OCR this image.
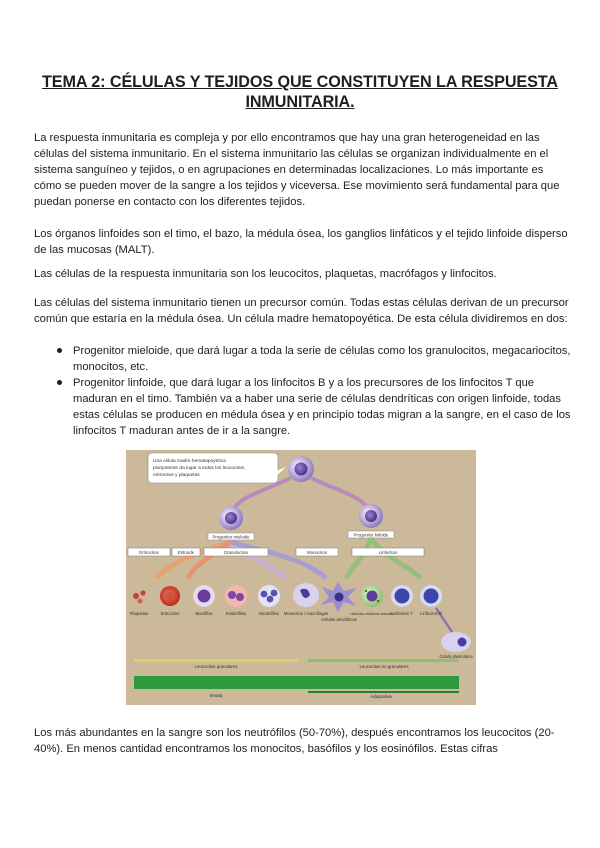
TEMA 2: CÉLULAS Y TEJIDOS QUE CONSTITUYEN LA RESPUESTA INMUNITARIA.

La respuesta inmunitaria es compleja y por ello encontramos que hay una gran heterogeneidad en las células del sistema inmunitario. En el sistema inmunitario las células se organizan individualmente en el sistema sanguíneo y tejidos, o en agrupaciones en determinadas localizaciones. Lo más importante es cómo se pueden mover de la sangre a los tejidos y viceversa. Ese movimiento será fundamental para que puedan ponerse en contacto con los diferentes tejidos.

Los órganos linfoides son el timo, el bazo, la médula ósea, los ganglios linfáticos y el tejido linfoide disperso de las mucosas (MALT).

Las células de la respuesta inmunitaria son los leucocitos, plaquetas, macrófagos y linfocitos.

Las células del sistema inmunitario tienen un precursor común. Todas estas células derivan de un precursor común que estaría en la médula ósea. Un célula madre hematopoyética. De esta célula dividiremos en dos:

Progenitor mieloide, que dará lugar a toda la serie de células como los granulocitos, megacariocitos, monocitos, etc.
Progenitor linfoide, que dará lugar a los linfocitos B y a los precursores de los linfocitos T que maduran en el timo. También va a haber una serie de células dendríticas con origen linfoide, todas estas células se producen en médula ósea y en principio todas migran a la sangre, en el caso de los linfocitos T maduran antes de ir a la sangre.
Una célula madre hematopoyética
pluripotente da lugar a todos los leucocitos,
eritrocitos y plaquetas
Progenitor mieloide	Progenitor linfoide
Eritrocitos	Eritroide	Granulocitos	Monocitos	Linfocitos
Plaquetas	Eritrocitos	Basófilos	Eosinófilos	Neutrófilos Monocitos / macrófagos
Células dendríticas
Linfocitos citolíticos naturales
Linfocitos T Linfocitos B
Célula plasmática
Leucocitos granulares	Leucocitos no granulares
Innata	Adaptativa

Los más abundantes en la sangre son los neutrófilos (50-70%), después encontramos los leucocitos (20-40%). En menos cantidad encontramos los monocitos, basófilos y los eosinófilos. Estas cifras
